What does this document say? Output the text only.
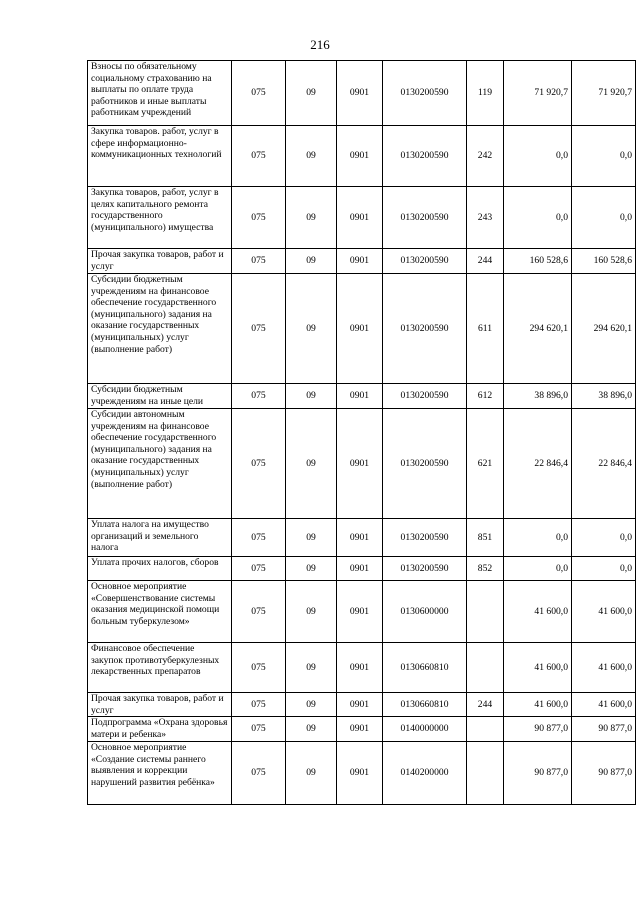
216
Взносы по обязательному социальному страхованию на выплаты по оплате труда работников и иные выплаты работникам учреждений	075	09	0901	0130200590	119	71 920,7	71 920,7
Закупка товаров. работ, услуг в сфере информационно-коммуникационных технологий	075	09	0901	0130200590	242	0,0	0,0
Закупка товаров, работ, услуг в целях капитального ремонта государственного (муниципального) имущества	075	09	0901	0130200590	243	0,0	0,0
Прочая закупка товаров, работ и услуг	075	09	0901	0130200590	244	160 528,6	160 528,6
Субсидии бюджетным учреждениям на финансовое обеспечение государственного (муниципального) задания на оказание государственных (муниципальных) услуг (выполнение работ)	075	09	0901	0130200590	611	294 620,1	294 620,1
Субсидии бюджетным учреждениям на иные цели	075	09	0901	0130200590	612	38 896,0	38 896,0
Субсидии автономным учреждениям на финансовое обеспечение государственного (муниципального) задания на оказание государственных (муниципальных) услуг (выполнение работ)	075	09	0901	0130200590	621	22 846,4	22 846,4
Уплата налога на имущество организаций и земельного налога	075	09	0901	0130200590	851	0,0	0,0
Уплата прочих налогов, сборов	075	09	0901	0130200590	852	0,0	0,0
Основное мероприятие «Совершенствование системы оказания медицинской помощи больным туберкулезом»	075	09	0901	0130600000		41 600,0	41 600,0
Финансовое обеспечение закупок противотуберкулезных лекарственных препаратов	075	09	0901	0130660810		41 600,0	41 600,0
Прочая закупка товаров, работ и услуг	075	09	0901	0130660810	244	41 600,0	41 600,0
Подпрограмма «Охрана здоровья матери и ребенка»	075	09	0901	0140000000		90 877,0	90 877,0
Основное мероприятие «Создание системы раннего выявления и коррекции нарушений развития ребёнка»	075	09	0901	0140200000		90 877,0	90 877,0
